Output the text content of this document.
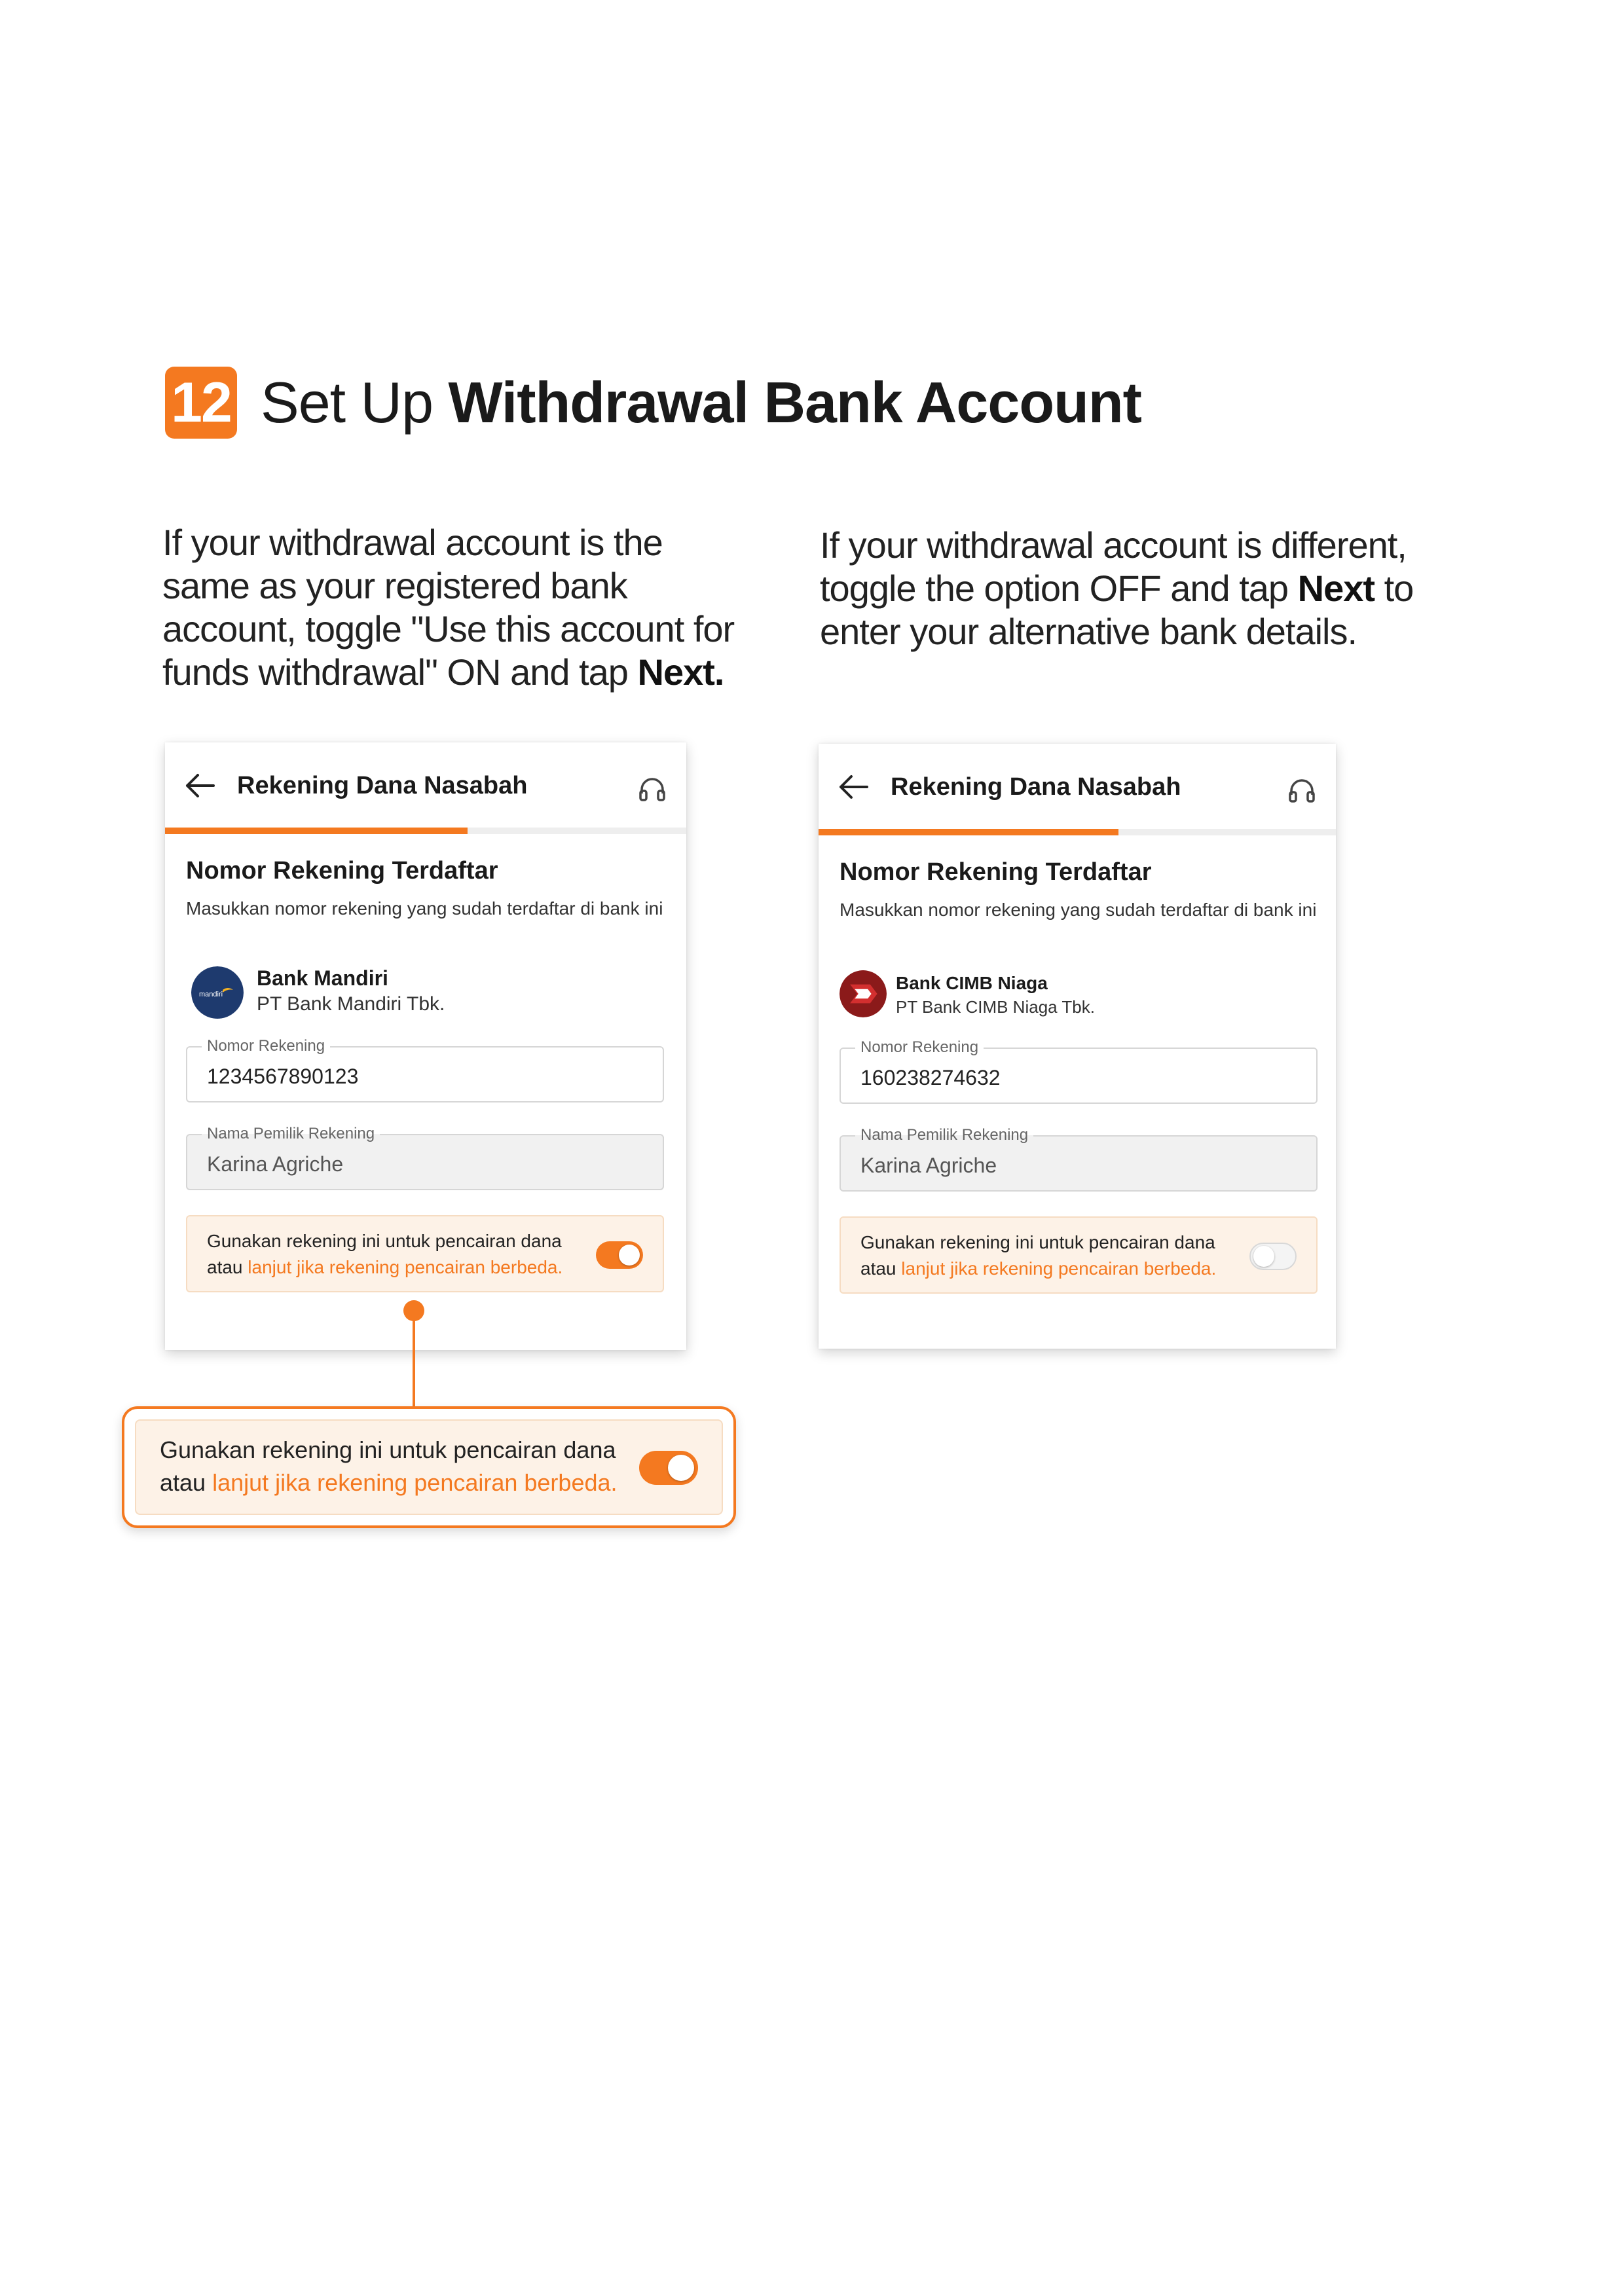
12 Set Up Withdrawal Bank Account
If your withdrawal account is the same as your registered bank account, toggle "Use this account for funds withdrawal" ON and tap Next.
If your withdrawal account is different, toggle the option OFF and tap Next to enter your alternative bank details.
Rekening Dana Nasabah
Nomor Rekening Terdaftar
Masukkan nomor rekening yang sudah terdaftar di bank ini
mandiri
Bank Mandiri
PT Bank Mandiri Tbk.
Nomor Rekening
1234567890123
Nama Pemilik Rekening
Karina Agriche
Gunakan rekening ini untuk pencairan dana atau lanjut jika rekening pencairan berbeda.
Rekening Dana Nasabah
Nomor Rekening Terdaftar
Masukkan nomor rekening yang sudah terdaftar di bank ini
Bank CIMB Niaga
PT Bank CIMB Niaga Tbk.
Nomor Rekening
160238274632
Nama Pemilik Rekening
Karina Agriche
Gunakan rekening ini untuk pencairan dana atau lanjut jika rekening pencairan berbeda.
Gunakan rekening ini untuk pencairan dana atau lanjut jika rekening pencairan berbeda.
